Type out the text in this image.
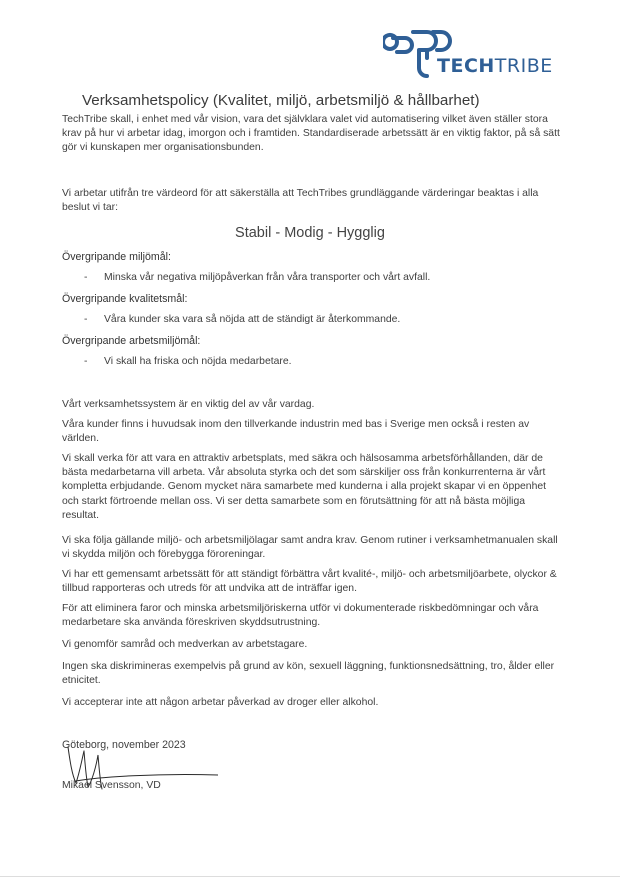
TECHTRIBE
Verksamhetspolicy (Kvalitet, miljö, arbetsmiljö & hållbarhet)

TechTribe skall, i enhet med vår vision, vara det självklara valet vid automatisering vilket även ställer stora krav på hur vi arbetar idag, imorgon och i framtiden. Standardiserade arbetssätt är en viktig faktor, på så sätt gör vi kunskapen mer organisationsbunden.

Vi arbetar utifrån tre värdeord för att säkerställa att TechTribes grundläggande värderingar beaktas i alla beslut vi tar:

Stabil - Modig - Hygglig

Övergripande miljömål:

- Minska vår negativa miljöpåverkan från våra transporter och vårt avfall.

Övergripande kvalitetsmål:

- Våra kunder ska vara så nöjda att de ständigt är återkommande.

Övergripande arbetsmiljömål:

- Vi skall ha friska och nöjda medarbetare.

Vårt verksamhetssystem är en viktig del av vår vardag.

Våra kunder finns i huvudsak inom den tillverkande industrin med bas i Sverige men också i resten av världen.

Vi skall verka för att vara en attraktiv arbetsplats, med säkra och hälsosamma arbetsförhållanden, där de bästa medarbetarna vill arbeta. Vår absoluta styrka och det som särskiljer oss från konkurrenterna är vårt kompletta erbjudande. Genom mycket nära samarbete med kunderna i alla projekt skapar vi en öppenhet och starkt förtroende mellan oss. Vi ser detta samarbete som en förutsättning för att nå bästa möjliga resultat.

Vi ska följa gällande miljö- och arbetsmiljölagar samt andra krav. Genom rutiner i verksamhetmanualen skall vi skydda miljön och förebygga föroreningar.

Vi har ett gemensamt arbetssätt för att ständigt förbättra vårt kvalité-, miljö- och arbetsmiljöarbete, olyckor & tillbud rapporteras och utreds för att undvika att de inträffar igen.

För att eliminera faror och minska arbetsmiljöriskerna utför vi dokumenterade riskbedömningar och våra medarbetare ska använda föreskriven skyddsutrustning.

Vi genomför samråd och medverkan av arbetstagare.

Ingen ska diskrimineras exempelvis på grund av kön, sexuell läggning, funktionsnedsättning, tro, ålder eller etnicitet.

Vi accepterar inte att någon arbetar påverkad av droger eller alkohol.

Göteborg, november 2023
Mikael Svensson, VD
